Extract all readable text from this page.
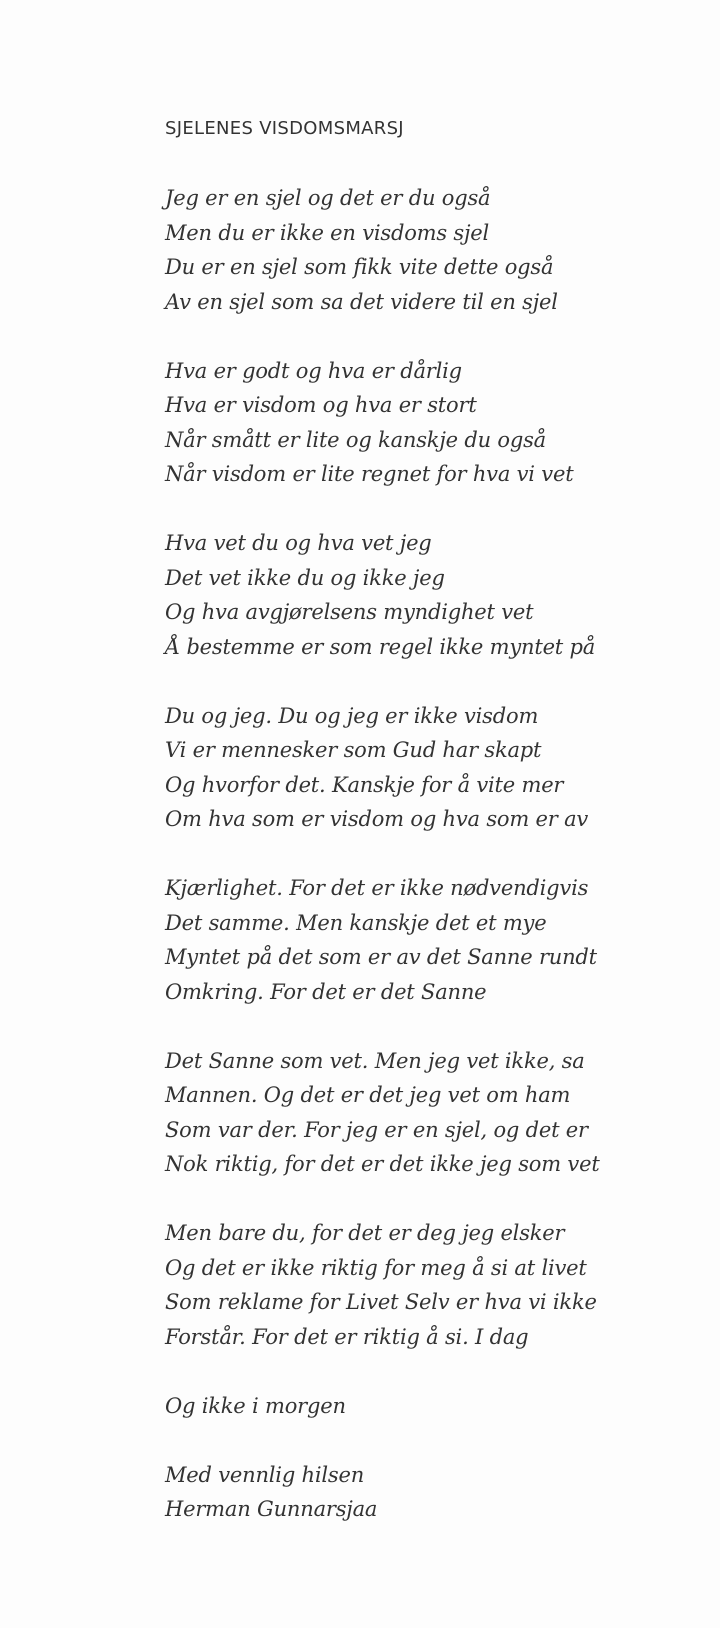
SJELENES VISDOMSMARSJ
Jeg er en sjel og det er du også
Men du er ikke en visdoms sjel
Du er en sjel som fikk vite dette også
Av en sjel som sa det videre til en sjel
Hva er godt og hva er dårlig
Hva er visdom og hva er stort
Når smått er lite og kanskje du også
Når visdom er lite regnet for hva vi vet
Hva vet du og hva vet jeg
Det vet ikke du og ikke jeg
Og hva avgjørelsens myndighet vet
Å bestemme er som regel ikke myntet på
Du og jeg. Du og jeg er ikke visdom
Vi er mennesker som Gud har skapt
Og hvorfor det. Kanskje for å vite mer
Om hva som er visdom og hva som er av
Kjærlighet. For det er ikke nødvendigvis
Det samme. Men kanskje det et mye
Myntet på det som er av det Sanne rundt
Omkring. For det er det Sanne
Det Sanne som vet. Men jeg vet ikke, sa
Mannen. Og det er det jeg vet om ham
Som var der. For jeg er en sjel, og det er
Nok riktig, for det er det ikke jeg som vet
Men bare du, for det er deg jeg elsker
Og det er ikke riktig for meg å si at livet
Som reklame for Livet Selv er hva vi ikke
Forstår. For det er riktig å si. I dag
Og ikke i morgen
Med vennlig hilsen
Herman Gunnarsjaa
